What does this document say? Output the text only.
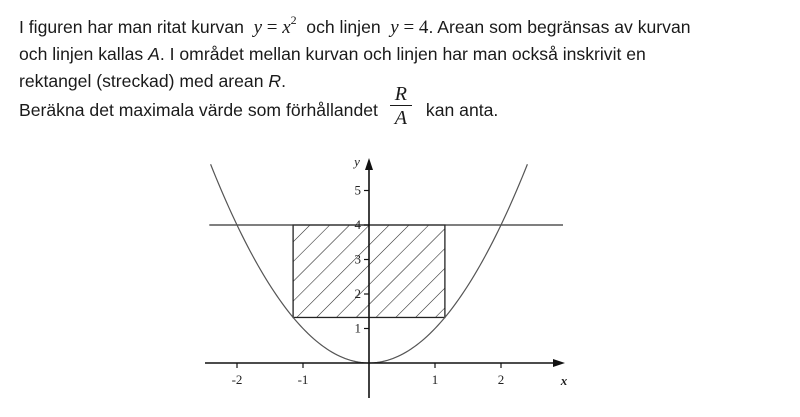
I figuren har man ritat kurvan $y = x^2$ och linjen y = 4. Arean som begränsas av kurvan
och linjen kallas A. I området mellan kurvan och linjen har man också inskrivit en
rektangel (streckad) med arean R.
Beräkna det maximala värde som förhållandet $\frac{R}{A}$ kan anta.
-2	-1	1	2
1
2
3
4
5
x
y
